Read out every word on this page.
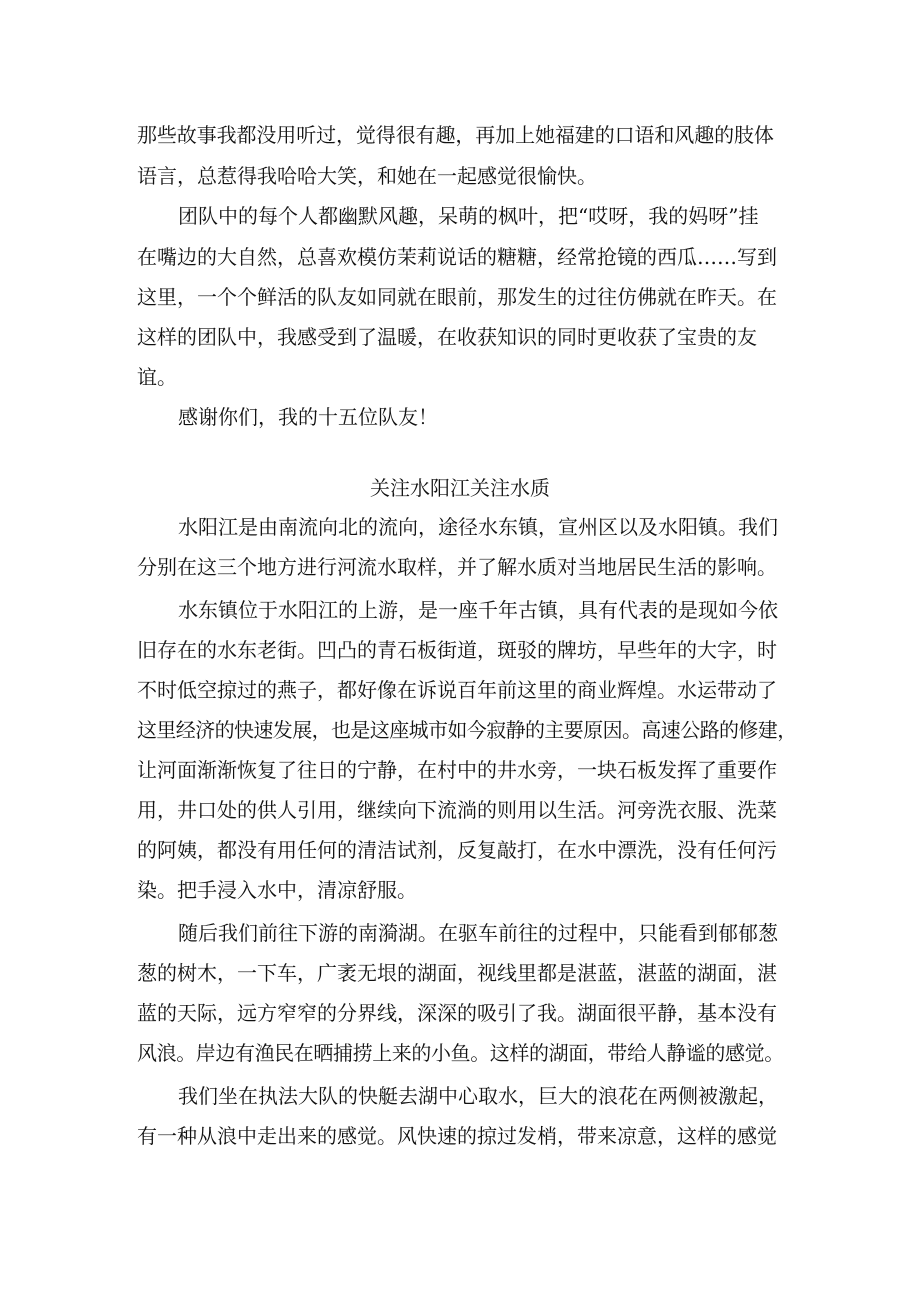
那些故事我都没用听过，觉得很有趣，再加上她福建的口语和风趣的肢体
语言，总惹得我哈哈大笑，和她在一起感觉很愉快。
团队中的每个人都幽默风趣，呆萌的枫叶，把“哎呀，我的妈呀”挂
在嘴边的大自然，总喜欢模仿茉莉说话的糖糖，经常抢镜的西瓜……写到
这里，一个个鲜活的队友如同就在眼前，那发生的过往仿佛就在昨天。在
这样的团队中，我感受到了温暖，在收获知识的同时更收获了宝贵的友
谊。
感谢你们，我的十五位队友！
关注水阳江关注水质
水阳江是由南流向北的流向，途径水东镇，宣州区以及水阳镇。我们
分别在这三个地方进行河流水取样，并了解水质对当地居民生活的影响。
水东镇位于水阳江的上游，是一座千年古镇，具有代表的是现如今依
旧存在的水东老街。凹凸的青石板街道，斑驳的牌坊，早些年的大字，时
不时低空掠过的燕子，都好像在诉说百年前这里的商业辉煌。水运带动了
这里经济的快速发展，也是这座城市如今寂静的主要原因。高速公路的修建，
让河面渐渐恢复了往日的宁静，在村中的井水旁，一块石板发挥了重要作
用，井口处的供人引用，继续向下流淌的则用以生活。河旁洗衣服、洗菜
的阿姨，都没有用任何的清洁试剂，反复敲打，在水中漂洗，没有任何污
染。把手浸入水中，清凉舒服。
随后我们前往下游的南漪湖。在驱车前往的过程中，只能看到郁郁葱
葱的树木，一下车，广袤无垠的湖面，视线里都是湛蓝，湛蓝的湖面，湛
蓝的天际，远方窄窄的分界线，深深的吸引了我。湖面很平静，基本没有
风浪。岸边有渔民在晒捕捞上来的小鱼。这样的湖面，带给人静谧的感觉。
我们坐在执法大队的快艇去湖中心取水，巨大的浪花在两侧被激起，
有一种从浪中走出来的感觉。风快速的掠过发梢，带来凉意，这样的感觉
